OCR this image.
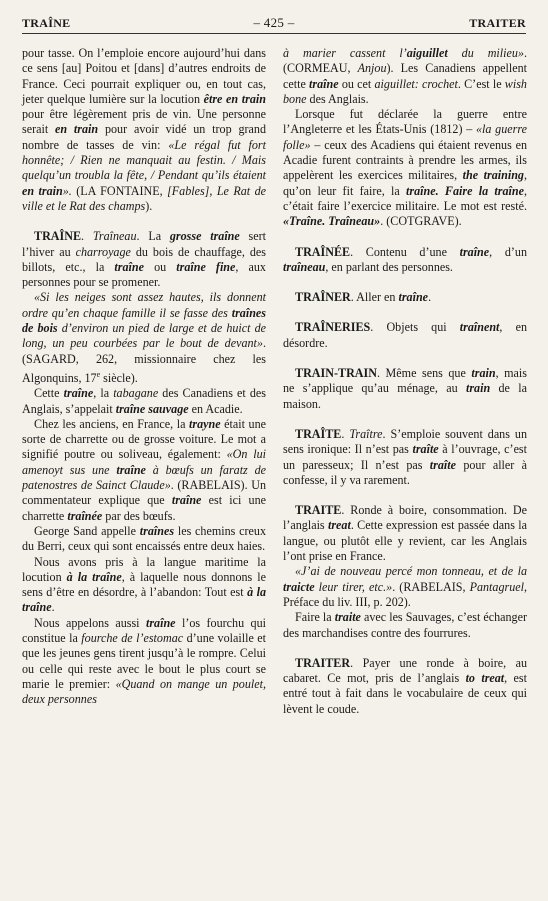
TRAÎNE	– 425 –	TRAITER

pour tasse. On l’emploie encore aujourd’hui dans ce sens [au] Poitou et [dans] d’autres endroits de France. Ceci pourrait expliquer ou, en tout cas, jeter quelque lumière sur la locution être en train pour être légèrement pris de vin. Une personne serait en train pour avoir vidé un trop grand nombre de tasses de vin: «Le régal fut fort honnête; / Rien ne manquait au festin. / Mais quelqu’un troubla la fête, / Pendant qu’ils étaient en train». (LA FONTAINE, [Fables], Le Rat de ville et le Rat des champs).

TRAÎNE. Traîneau. La grosse traîne sert l’hiver au charroyage du bois de chauffage, des billots, etc., la traîne ou traîne fine, aux personnes pour se promener.

«Si les neiges sont assez hautes, ils donnent ordre qu’en chaque famille il se fasse des traînes de bois d’environ un pied de large et de huict de long, un peu courbées par le bout de devant». (SAGARD, 262, missionnaire chez les Algonquins, 17e siècle).

Cette traîne, la tabagane des Canadiens et des Anglais, s’appelait traîne sauvage en Acadie.

Chez les anciens, en France, la trayne était une sorte de charrette ou de grosse voiture. Le mot a signifié poutre ou soliveau, également: «On lui amenoyt sus une traîne à bœufs un faratz de patenostres de Sainct Claude». (RABELAIS). Un commentateur explique que traîne est ici une charrette traînée par des bœufs.

George Sand appelle traînes les chemins creux du Berri, ceux qui sont encaissés entre deux haies.

Nous avons pris à la langue maritime la locution à la traîne, à laquelle nous donnons le sens d’être en désordre, à l’abandon: Tout est à la traîne.

Nous appelons aussi traîne l’os fourchu qui constitue la fourche de l’estomac d’une volaille et que les jeunes gens tirent jusqu’à le rompre. Celui ou celle qui reste avec le bout le plus court se marie le premier: «Quand on mange un poulet, deux personnes

à marier cassent l’aiguillet du milieu». (CORMEAU, Anjou). Les Canadiens appellent cette traîne ou cet aiguillet: crochet. C’est le wish bone des Anglais.

Lorsque fut déclarée la guerre entre l’Angleterre et les États-Unis (1812) – «la guerre folle» – ceux des Acadiens qui étaient revenus en Acadie furent contraints à prendre les armes, ils appelèrent les exercices militaires, the training, qu’on leur fit faire, la traîne. Faire la traîne, c’était faire l’exercice militaire. Le mot est resté. «Traîne. Traîneau». (COTGRAVE).

TRAÎNÉE. Contenu d’une traîne, d’un traîneau, en parlant des personnes.

TRAÎNER. Aller en traîne.

TRAÎNERIES. Objets qui traînent, en désordre.

TRAIN-TRAIN. Même sens que train, mais ne s’applique qu’au ménage, au train de la maison.

TRAÎTE. Traître. S’emploie souvent dans un sens ironique: Il n’est pas traîte à l’ouvrage, c’est un paresseux; Il n’est pas traîte pour aller à confesse, il y va rarement.

TRAITE. Ronde à boire, consommation. De l’anglais treat. Cette expression est passée dans la langue, ou plutôt elle y revient, car les Anglais l’ont prise en France.

«J’ai de nouveau percé mon tonneau, et de la traicte leur tirer, etc.». (RABELAIS, Pantagruel, Préface du liv. III, p. 202).

Faire la traite avec les Sauvages, c’est échanger des marchandises contre des fourrures.

TRAITER. Payer une ronde à boire, au cabaret. Ce mot, pris de l’anglais to treat, est entré tout à fait dans le vocabulaire de ceux qui lèvent le coude.
